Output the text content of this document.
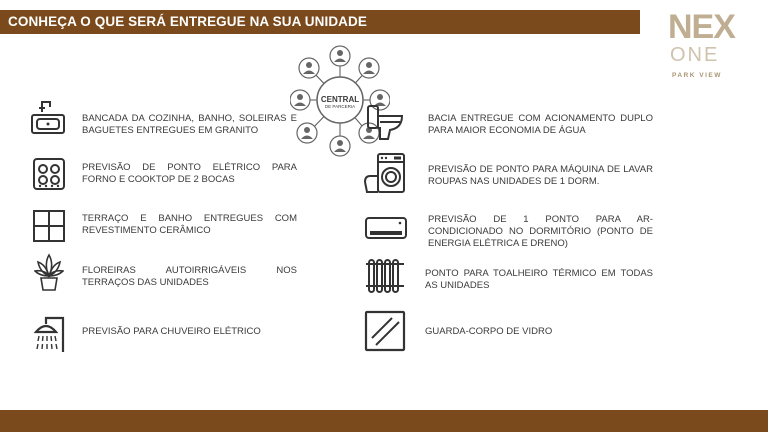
CONHEÇA O QUE SERÁ ENTREGUE NA SUA UNIDADE	NEX
ONE
PARK VIEW
CENTRAL
DE PARCERIA
BANCADA DA COZINHA, BANHO, SOLEIRAS E BAGUETES ENTREGUES EM GRANITO
PREVISÃO DE PONTO ELÉTRICO PARA FORNO E COOKTOP DE 2 BOCAS
TERRAÇO E BANHO ENTREGUES COM REVESTIMENTO CERÂMICO
FLOREIRAS AUTOIRRIGÁVEIS NOS TERRAÇOS DAS UNIDADES
PREVISÃO PARA CHUVEIRO ELÉTRICO
BACIA ENTREGUE COM ACIONAMENTO DUPLO PARA MAIOR ECONOMIA DE ÁGUA
PREVISÃO DE PONTO PARA MÁQUINA DE LAVAR ROUPAS NAS UNIDADES DE 1 DORM.
PREVISÃO DE 1 PONTO PARA AR-CONDICIONADO NO DORMITÓRIO (PONTO DE ENERGIA ELÉTRICA E DRENO)
PONTO PARA TOALHEIRO TÉRMICO EM TODAS AS UNIDADES
GUARDA-CORPO DE VIDRO
